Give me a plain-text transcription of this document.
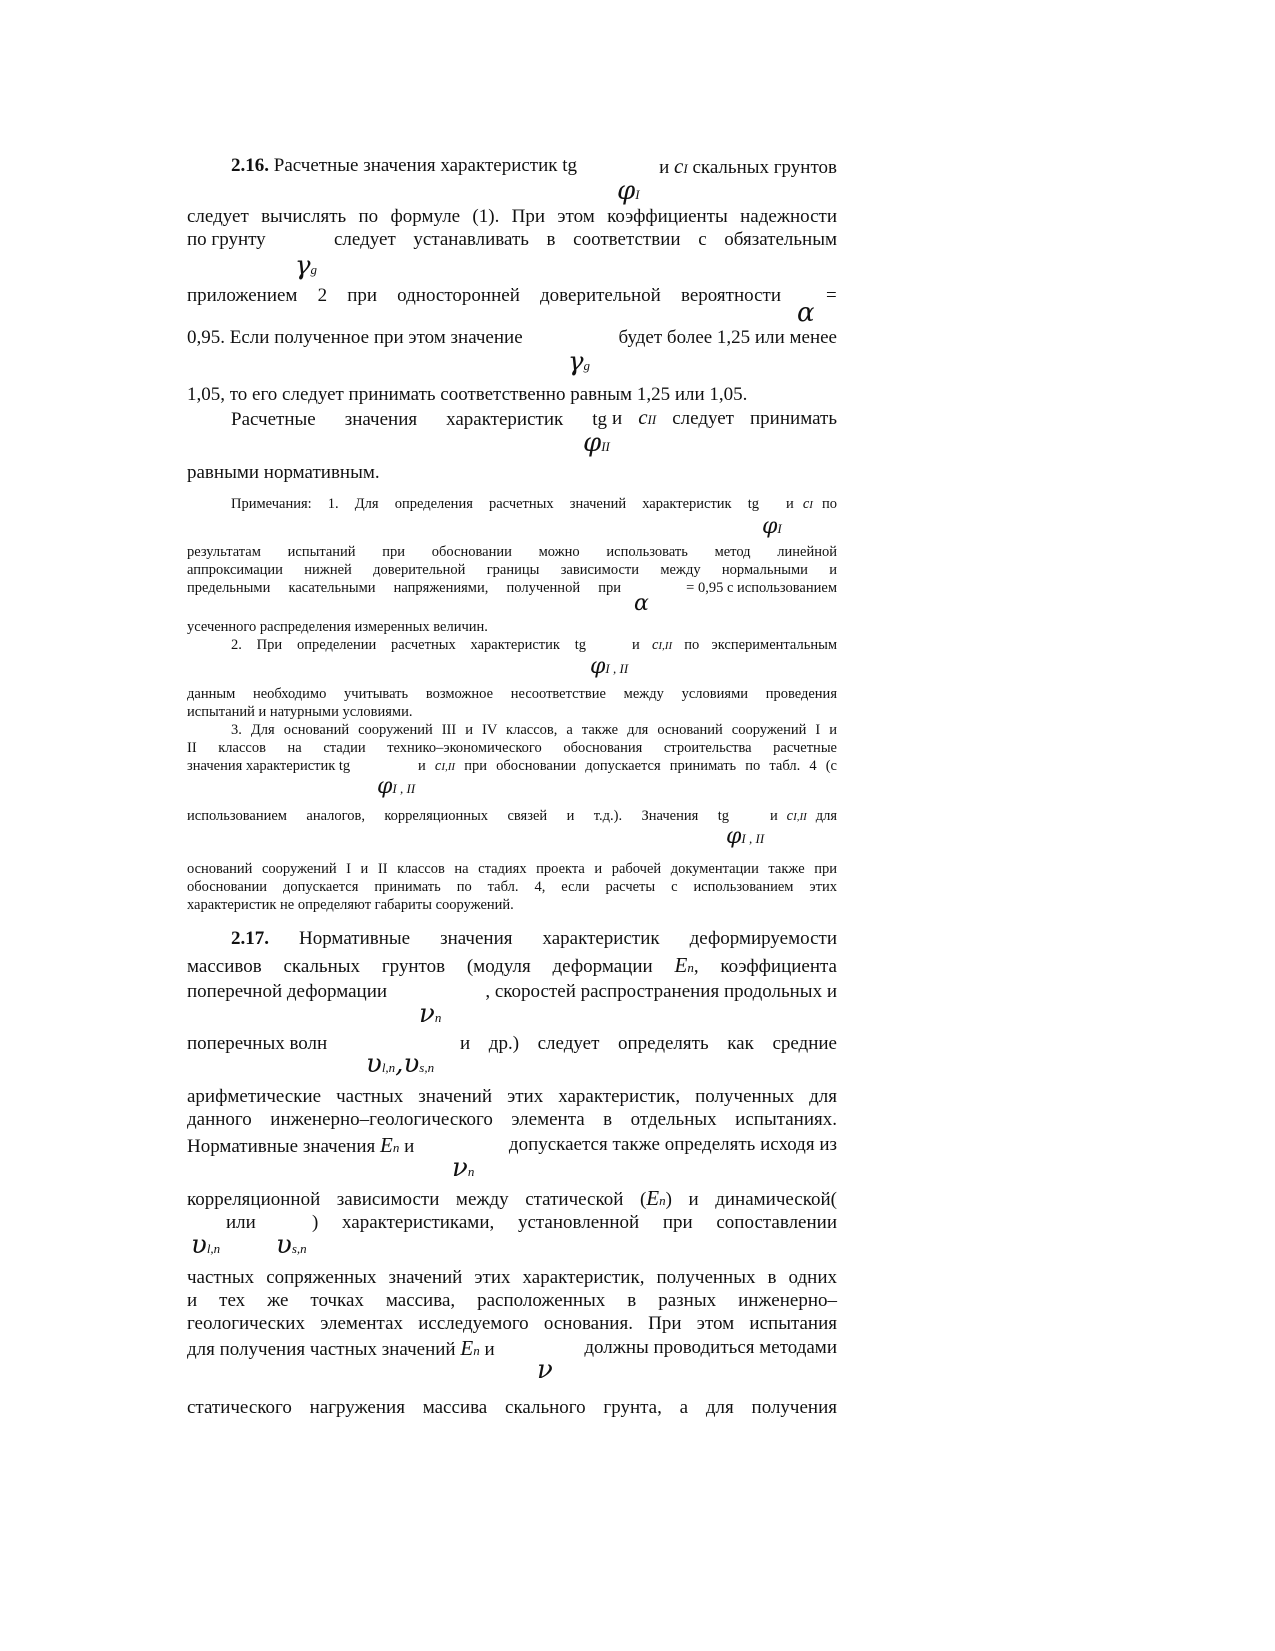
2.16. Расчетные значения характеристик tg	и cI скальных грунтов
φI
следует вычислять по формуле (1). При этом коэффициенты надежности
по грунту	следует устанавливать в соответствии с обязательным
γg
приложением 2 при односторонней доверительной вероятности =
α
0,95. Если полученное при этом значение	будет более 1,25 или менее
γg
1,05, то его следует принимать соответственно равным 1,25 или 1,05.
Расчетные значения характеристик tg и cII следует принимать
φII
равными нормативным.
Примечания: 1. Для определения расчетных значений характеристик tg и cI по
φI
результатам испытаний при обосновании можно использовать метод линейной
аппроксимации нижней доверительной границы зависимости между нормальными и
предельными касательными напряжениями, полученной при	= 0,95 с использованием
α
усеченного распределения измеренных величин.
2. При определении расчетных характеристик tg	и cI,II по экспериментальным
φI , II
данным необходимо учитывать возможное несоответствие между условиями проведения
испытаний и натурными условиями.
3. Для оснований сооружений III и IV классов, а также для оснований сооружений I и
II классов на стадии технико–экономического обоснования строительства расчетные
значения характеристик tg	и cI,II при обосновании допускается принимать по табл. 4 (с
φI , II
использованием аналогов, корреляционных связей и т.д.). Значения tg	и cI,II для
φI , II
оснований сооружений I и II классов на стадиях проекта и рабочей документации также при
обосновании допускается принимать по табл. 4, если расчеты с использованием этих
характеристик не определяют габариты сооружений.
2.17. Нормативные значения характеристик деформируемости
массивов скальных грунтов (модуля деформации En, коэффициента
поперечной деформации	, скоростей распространения продольных и
νn
поперечных волн	и др.) следует определять как средние
υl,n,υs,n
арифметические частных значений этих характеристик, полученных для
данного инженерно–геологического элемента в отдельных испытаниях.
Нормативные значения En и	допускается также определять исходя из
νn
корреляционной зависимости между статической (En) и динамической(
или	) характеристиками, установленной при сопоставлении
υl,n υs,n
частных сопряженных значений этих характеристик, полученных в одних
и тех же точках массива, расположенных в разных инженерно–
геологических элементах исследуемого основания. При этом испытания
для получения частных значений En и	должны проводиться методами
ν
статического нагружения массива скального грунта, а для получения
